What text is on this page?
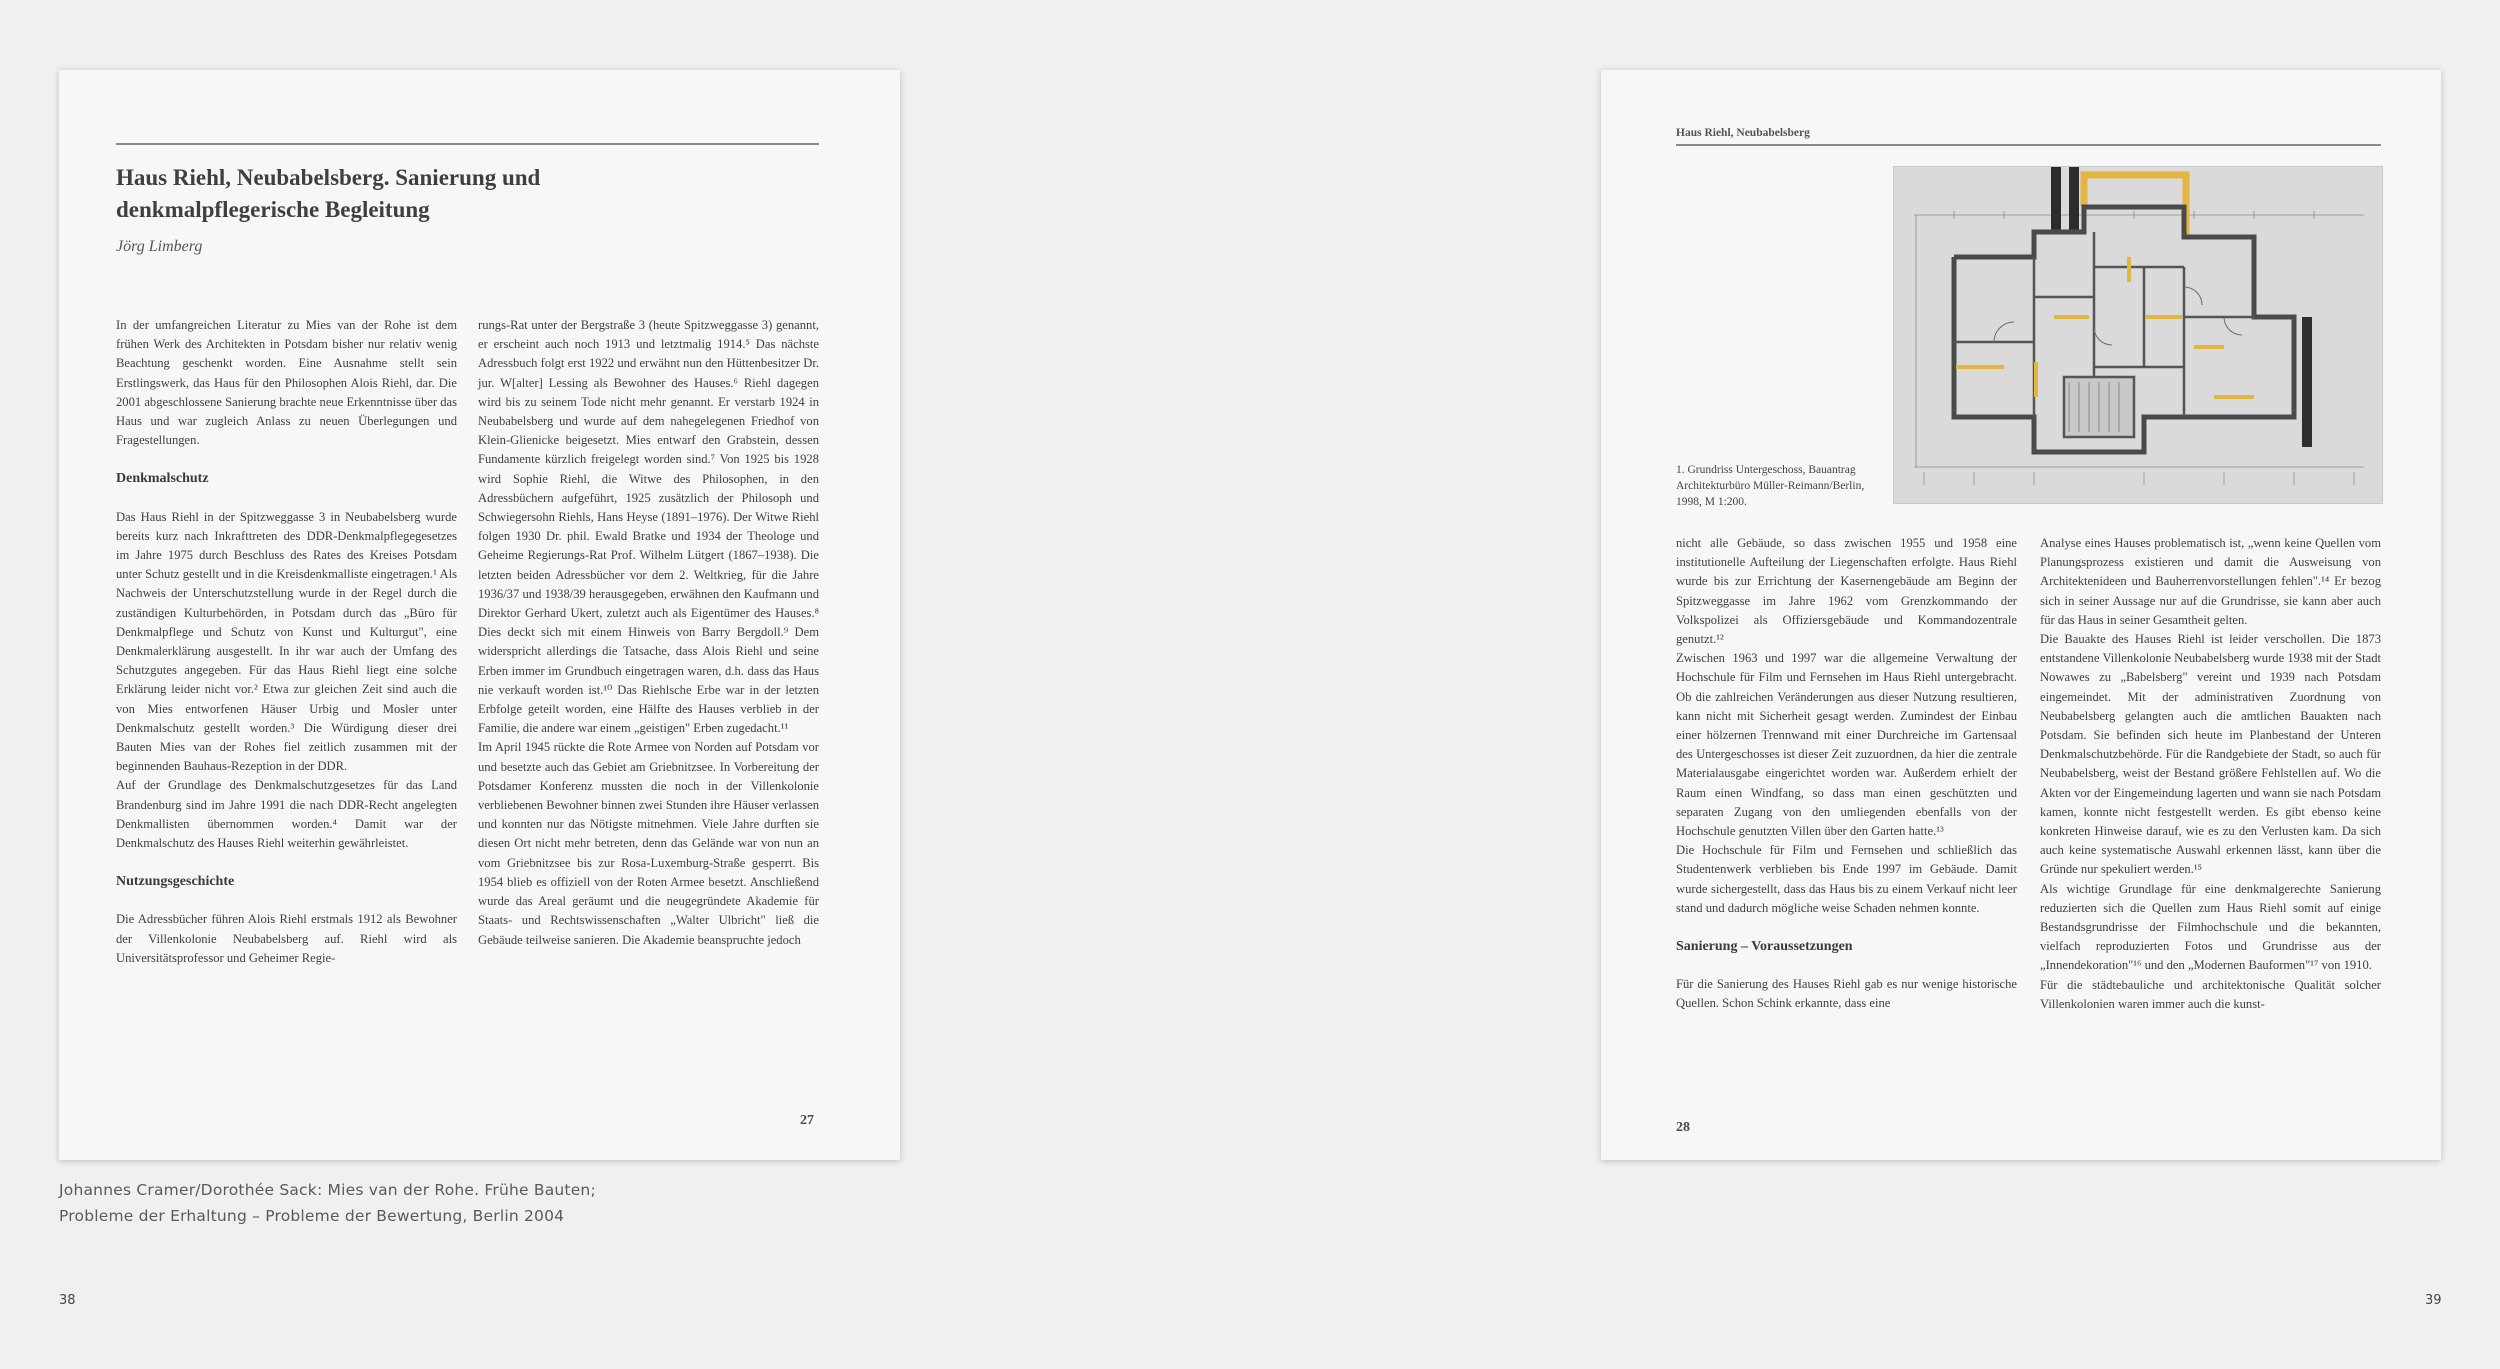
Haus Riehl, Neubabelsberg. Sanierung und denkmalpflegerische Begleitung
Jörg Limberg

In der umfangreichen Literatur zu Mies van der Rohe ist dem frühen Werk des Architekten in Potsdam bisher nur relativ wenig Beachtung geschenkt worden. Eine Ausnahme stellt sein Erstlingswerk, das Haus für den Philosophen Alois Riehl, dar. Die 2001 abgeschlossene Sanierung brachte neue Erkenntnisse über das Haus und war zugleich Anlass zu neuen Überlegungen und Fragestellungen.

Denkmalschutz

Das Haus Riehl in der Spitzweggasse 3 in Neubabelsberg wurde bereits kurz nach Inkrafttreten des DDR-Denkmalpflegegesetzes im Jahre 1975 durch Beschluss des Rates des Kreises Potsdam unter Schutz gestellt und in die Kreisdenkmalliste eingetragen.¹ Als Nachweis der Unterschutzstellung wurde in der Regel durch die zuständigen Kulturbehörden, in Potsdam durch das „Büro für Denkmalpflege und Schutz von Kunst und Kulturgut", eine Denkmalerklärung ausgestellt. In ihr war auch der Umfang des Schutzgutes angegeben. Für das Haus Riehl liegt eine solche Erklärung leider nicht vor.² Etwa zur gleichen Zeit sind auch die von Mies entworfenen Häuser Urbig und Mosler unter Denkmalschutz gestellt worden.³ Die Würdigung dieser drei Bauten Mies van der Rohes fiel zeitlich zusammen mit der beginnenden Bauhaus-Rezeption in der DDR.

Auf der Grundlage des Denkmalschutzgesetzes für das Land Brandenburg sind im Jahre 1991 die nach DDR-Recht angelegten Denkmallisten übernommen worden.⁴ Damit war der Denkmalschutz des Hauses Riehl weiterhin gewährleistet.

Nutzungsgeschichte

Die Adressbücher führen Alois Riehl erstmals 1912 als Bewohner der Villenkolonie Neubabelsberg auf. Riehl wird als Universitätsprofessor und Geheimer Regie-

rungs-Rat unter der Bergstraße 3 (heute Spitzweggasse 3) genannt, er erscheint auch noch 1913 und letztmalig 1914.⁵ Das nächste Adressbuch folgt erst 1922 und erwähnt nun den Hüttenbesitzer Dr. jur. W[alter] Lessing als Bewohner des Hauses.⁶ Riehl dagegen wird bis zu seinem Tode nicht mehr genannt. Er verstarb 1924 in Neubabelsberg und wurde auf dem nahegelegenen Friedhof von Klein-Glienicke beigesetzt. Mies entwarf den Grabstein, dessen Fundamente kürzlich freigelegt worden sind.⁷ Von 1925 bis 1928 wird Sophie Riehl, die Witwe des Philosophen, in den Adressbüchern aufgeführt, 1925 zusätzlich der Philosoph und Schwiegersohn Riehls, Hans Heyse (1891–1976). Der Witwe Riehl folgen 1930 Dr. phil. Ewald Bratke und 1934 der Theologe und Geheime Regierungs-Rat Prof. Wilhelm Lütgert (1867–1938). Die letzten beiden Adressbücher vor dem 2. Weltkrieg, für die Jahre 1936/37 und 1938/39 herausgegeben, erwähnen den Kaufmann und Direktor Gerhard Ukert, zuletzt auch als Eigentümer des Hauses.⁸ Dies deckt sich mit einem Hinweis von Barry Bergdoll.⁹ Dem widerspricht allerdings die Tatsache, dass Alois Riehl und seine Erben immer im Grundbuch eingetragen waren, d.h. dass das Haus nie verkauft worden ist.¹⁰ Das Riehlsche Erbe war in der letzten Erbfolge geteilt worden, eine Hälfte des Hauses verblieb in der Familie, die andere war einem „geistigen" Erben zugedacht.¹¹

Im April 1945 rückte die Rote Armee von Norden auf Potsdam vor und besetzte auch das Gebiet am Griebnitzsee. In Vorbereitung der Potsdamer Konferenz mussten die noch in der Villenkolonie verbliebenen Bewohner binnen zwei Stunden ihre Häuser verlassen und konnten nur das Nötigste mitnehmen. Viele Jahre durften sie diesen Ort nicht mehr betreten, denn das Gelände war von nun an vom Griebnitzsee bis zur Rosa-Luxemburg-Straße gesperrt. Bis 1954 blieb es offiziell von der Roten Armee besetzt. Anschließend wurde das Areal geräumt und die neugegründete Akademie für Staats- und Rechtswissenschaften „Walter Ulbricht" ließ die Gebäude teilweise sanieren. Die Akademie beanspruchte jedoch

27
Haus Riehl, Neubabelsberg
1. Grundriss Untergeschoss, Bauantrag Architekturbüro Müller-Reimann/Berlin, 1998, M 1:200.

nicht alle Gebäude, so dass zwischen 1955 und 1958 eine institutionelle Aufteilung der Liegenschaften erfolgte. Haus Riehl wurde bis zur Errichtung der Kasernengebäude am Beginn der Spitzweggasse im Jahre 1962 vom Grenzkommando der Volkspolizei als Offiziersgebäude und Kommandozentrale genutzt.¹²

Zwischen 1963 und 1997 war die allgemeine Verwaltung der Hochschule für Film und Fernsehen im Haus Riehl untergebracht. Ob die zahlreichen Veränderungen aus dieser Nutzung resultieren, kann nicht mit Sicherheit gesagt werden. Zumindest der Einbau einer hölzernen Trennwand mit einer Durchreiche im Gartensaal des Untergeschosses ist dieser Zeit zuzuordnen, da hier die zentrale Materialausgabe eingerichtet worden war. Außerdem erhielt der Raum einen Windfang, so dass man einen geschützten und separaten Zugang von den umliegenden ebenfalls von der Hochschule genutzten Villen über den Garten hatte.¹³

Die Hochschule für Film und Fernsehen und schließlich das Studentenwerk verblieben bis Ende 1997 im Gebäude. Damit wurde sichergestellt, dass das Haus bis zu einem Verkauf nicht leer stand und dadurch mögliche weise Schaden nehmen konnte.

Sanierung – Voraussetzungen

Für die Sanierung des Hauses Riehl gab es nur wenige historische Quellen. Schon Schink erkannte, dass eine

Analyse eines Hauses problematisch ist, „wenn keine Quellen vom Planungsprozess existieren und damit die Ausweisung von Architektenideen und Bauherrenvorstellungen fehlen".¹⁴ Er bezog sich in seiner Aussage nur auf die Grundrisse, sie kann aber auch für das Haus in seiner Gesamtheit gelten.

Die Bauakte des Hauses Riehl ist leider verschollen. Die 1873 entstandene Villenkolonie Neubabelsberg wurde 1938 mit der Stadt Nowawes zu „Babelsberg" vereint und 1939 nach Potsdam eingemeindet. Mit der administrativen Zuordnung von Neubabelsberg gelangten auch die amtlichen Bauakten nach Potsdam. Sie befinden sich heute im Planbestand der Unteren Denkmalschutzbehörde. Für die Randgebiete der Stadt, so auch für Neubabelsberg, weist der Bestand größere Fehlstellen auf. Wo die Akten vor der Eingemeindung lagerten und wann sie nach Potsdam kamen, konnte nicht festgestellt werden. Es gibt ebenso keine konkreten Hinweise darauf, wie es zu den Verlusten kam. Da sich auch keine systematische Auswahl erkennen lässt, kann über die Gründe nur spekuliert werden.¹⁵

Als wichtige Grundlage für eine denkmalgerechte Sanierung reduzierten sich die Quellen zum Haus Riehl somit auf einige Bestandsgrundrisse der Filmhochschule und die bekannten, vielfach reproduzierten Fotos und Grundrisse aus der „Innendekoration"¹⁶ und den „Modernen Bauformen"¹⁷ von 1910.

Für die städtebauliche und architektonische Qualität solcher Villenkolonien waren immer auch die kunst-

28
Johannes Cramer/Dorothée Sack: Mies van der Rohe. Frühe Bauten;
Probleme der Erhaltung – Probleme der Bewertung, Berlin 2004
38	39
